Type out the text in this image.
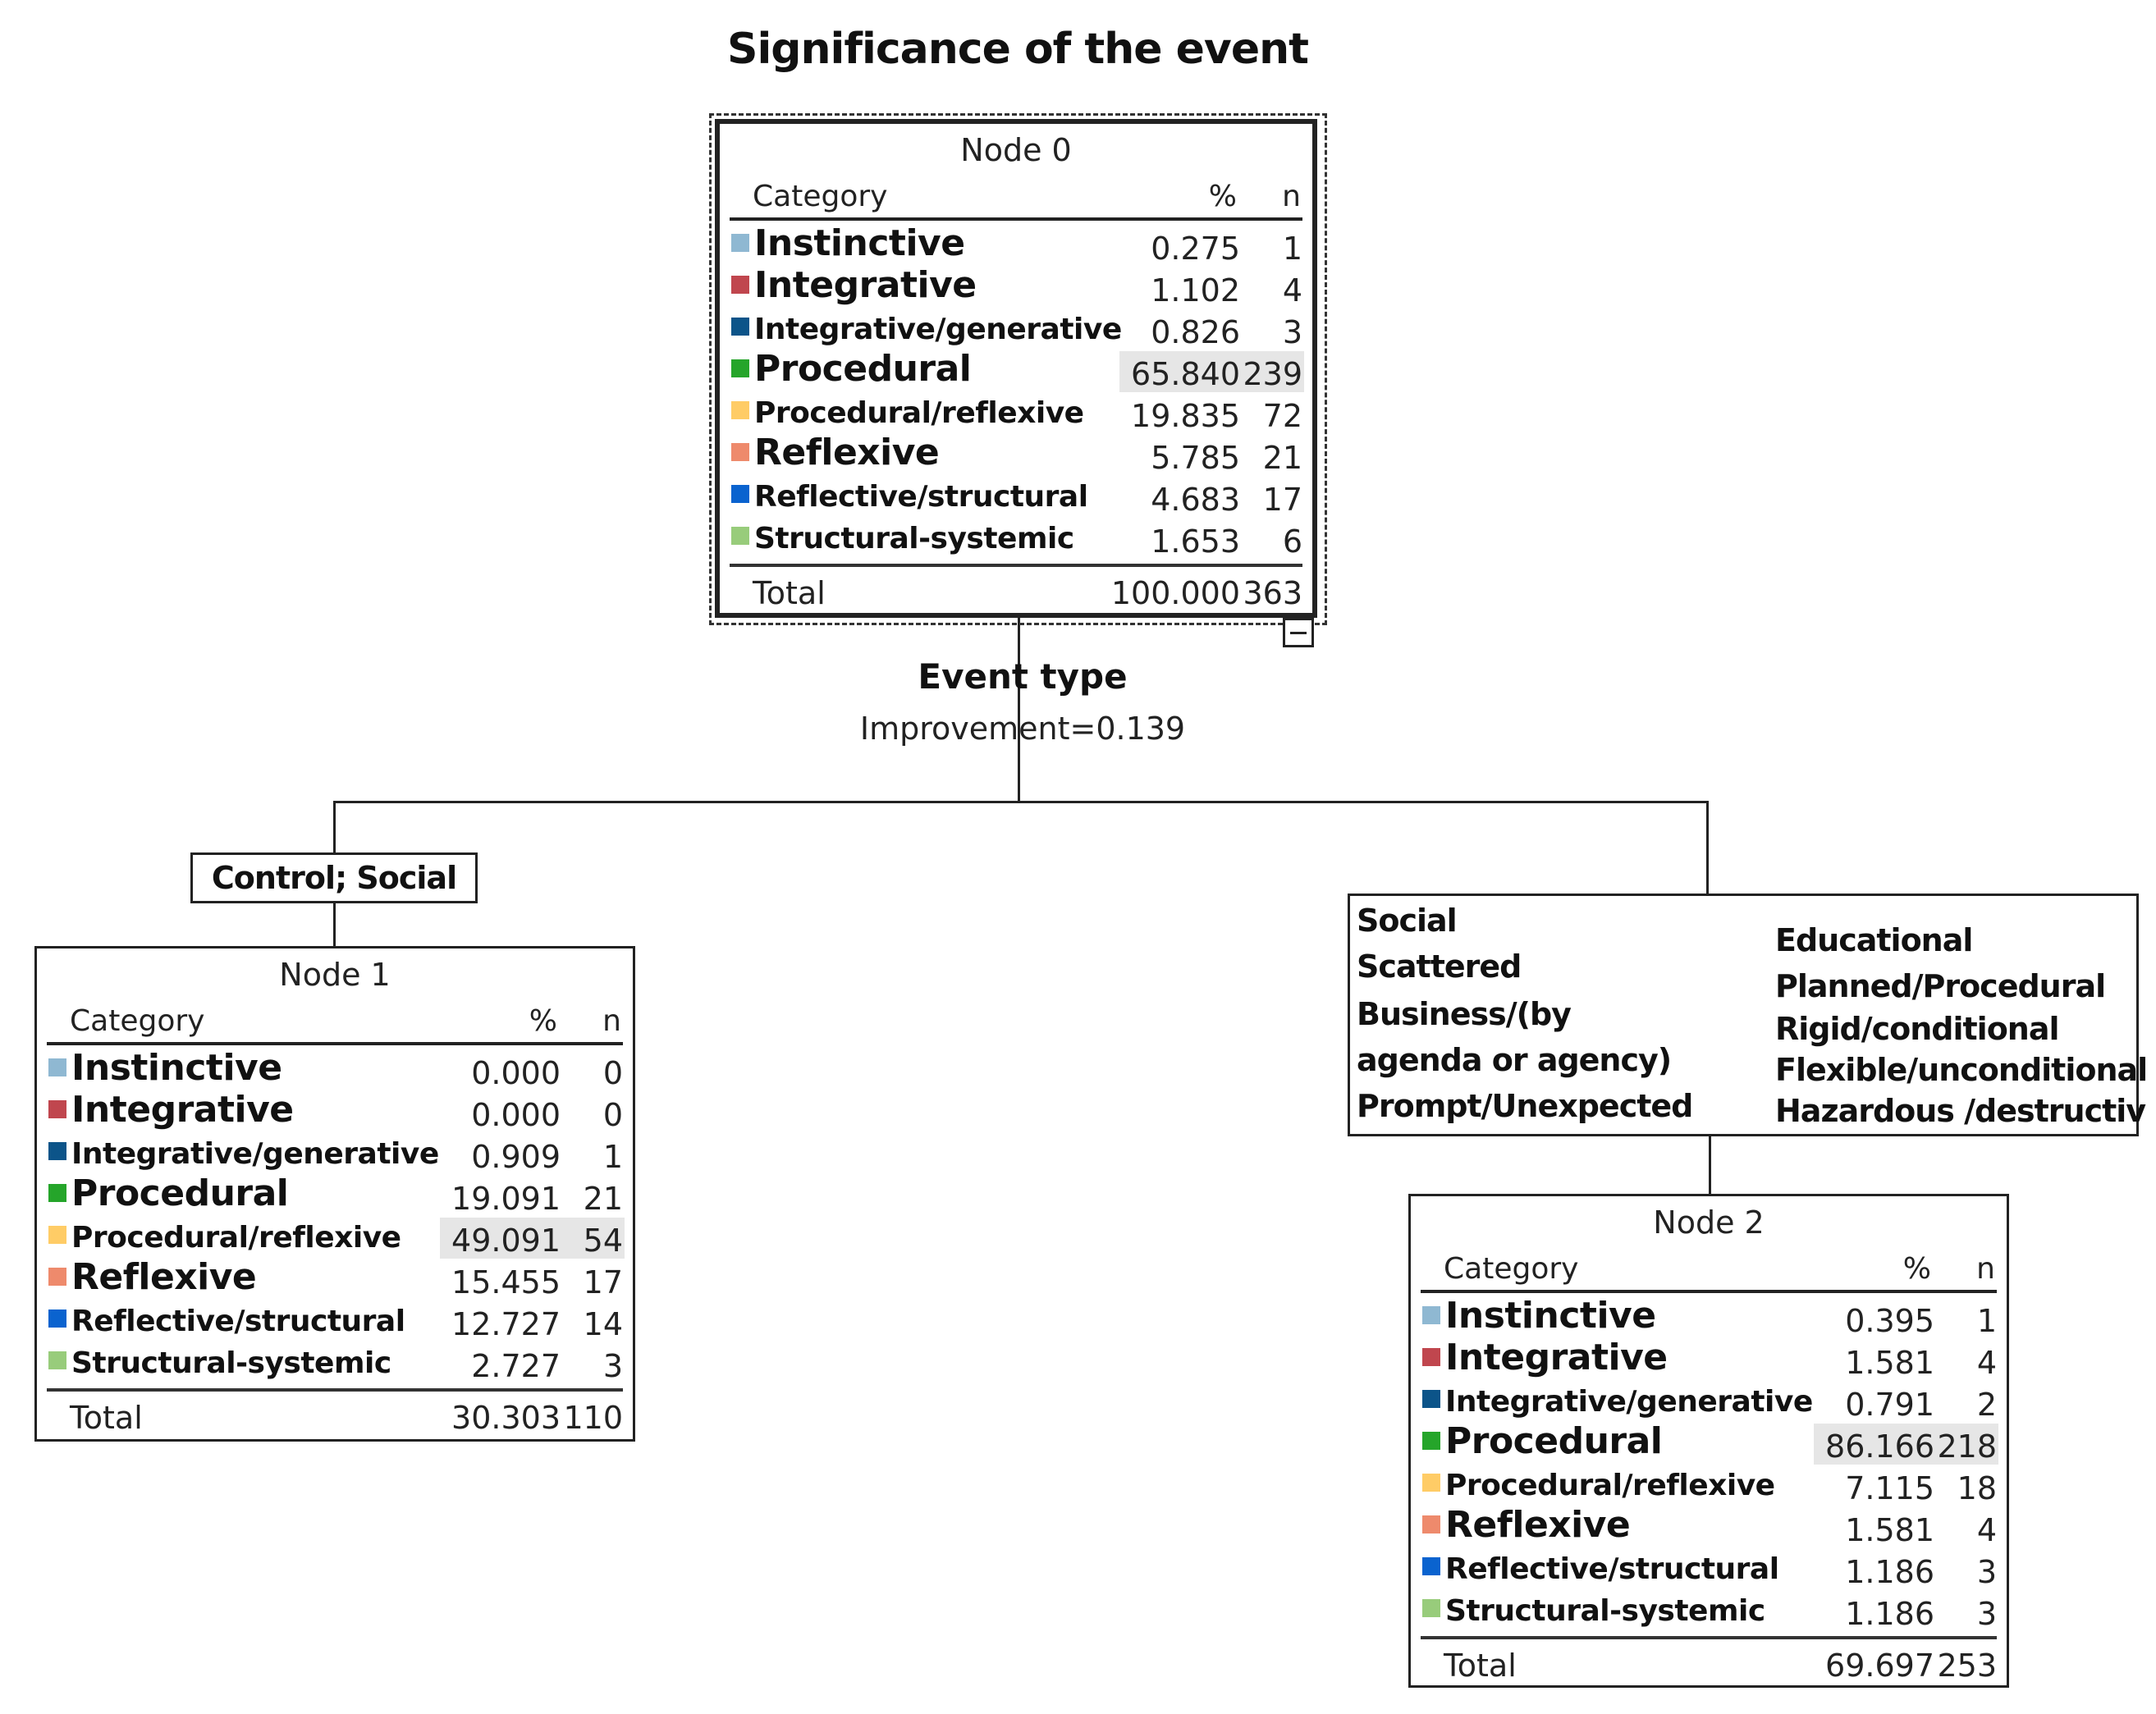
Significance of the event
Node 0
Category	% n
Instinctive	0.275 1
Integrative	1.102 4
Integrative/generative 0.826 3
Procedural	65.840 239
Procedural/reflexive 19.835 72
Reflexive	5.785 21
Reflective/structural 4.683 17
Structural-systemic 1.653 6
Total	100.000 363
Event type
Improvement=0.139
Control; Social
Social
Scattered
Business/(by
agenda or agency)
Prompt/Unexpected
Educational
Planned/Procedural
Rigid/conditional
Flexible/unconditional
Hazardous /destructiv
Node 1
Category	% n
Instinctive	0.000 0
Integrative	0.000 0
Integrative/generative 0.909 1
Procedural	19.091 21
Procedural/reflexive 49.091 54
Reflexive	15.455 17
Reflective/structural 12.727 14
Structural-systemic	2.727 3
Total	30.303 110
Node 2
Category	% n
Instinctive	0.395 1
Integrative	1.581 4
Integrative/generative 0.791 2
Procedural	86.166 218
Procedural/reflexive 7.115 18
Reflexive	1.581 4
Reflective/structural 1.186 3
Structural-systemic	1.186 3
Total	69.697 253
